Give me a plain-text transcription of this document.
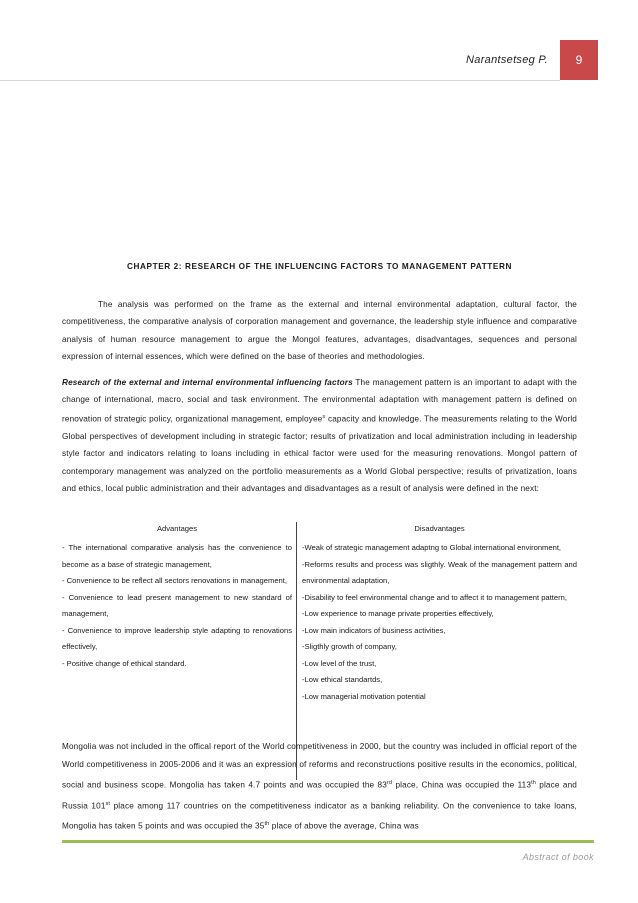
Narantsetseg P. 9
CHAPTER 2: RESEARCH OF THE INFLUENCING FACTORS TO MANAGEMENT PATTERN

The analysis was performed on the frame as the external and internal environmental adaptation, cultural factor, the competitiveness, the comparative analysis of corporation management and governance, the leadership style influence and comparative analysis of human resource management to argue the Mongol features, advantages, disadvantages, sequences and personal expression of internal essences, which were defined on the base of theories and methodologies.

Research of the external and internal environmental influencing factors The management pattern is an important to adapt with the change of international, macro, social and task environment. The environmental adaptation with management pattern is defined on renovation of strategic policy, organizational management, employee$^s$ capacity and knowledge. The measurements relating to the World Global perspectives of development including in strategic factor; results of privatization and local administration including in leadership style factor and indicators relating to loans including in ethical factor were used for the measuring renovations. Mongol pattern of contemporary management was analyzed on the portfolio measurements as a World Global perspective; results of privatization, loans and ethics, local public administration and their advantages and disadvantages as a result of analysis were defined in the next:

Advantages

- The international comparative analysis has the convenience to become as a base of strategic management,

- Convenience to be reflect all sectors renovations in management,

- Convenience to lead present management to new standard of management,

- Convenience to improve leadership style adapting to renovations effectively,

- Positive change of ethical standard.

Disadvantages

-Weak of strategic management adaptng to Global international environment,

-Reforms results and process was sligthly. Weak of the management pattern and environmental adaptation,

-Disability to feel environmental change and to affect it to management pattern,

-Low experience to manage private properties effectively,

-Low main indicators of business activities,

-Sligthly growth of company,

-Low level of the trust,

-Low ethical standartds,

-Low managerial motivation potential

Mongolia was not included in the offical report of the World competitiveness in 2000, but the country was included in official report of the World competitiveness in 2005-2006 and it was an expression of reforms and reconstructions positive results in the economics, political, social and business scope. Mongolia has taken 4.7 points and was occupied the 83rd place, China was occupied the 113th place and Russia 101st place among 117 countries on the competitiveness indicator as a banking reliability. On the convenience to take loans, Mongolia has taken 5 points and was occupied the 35th place of above the average, China was

Abstract of book
